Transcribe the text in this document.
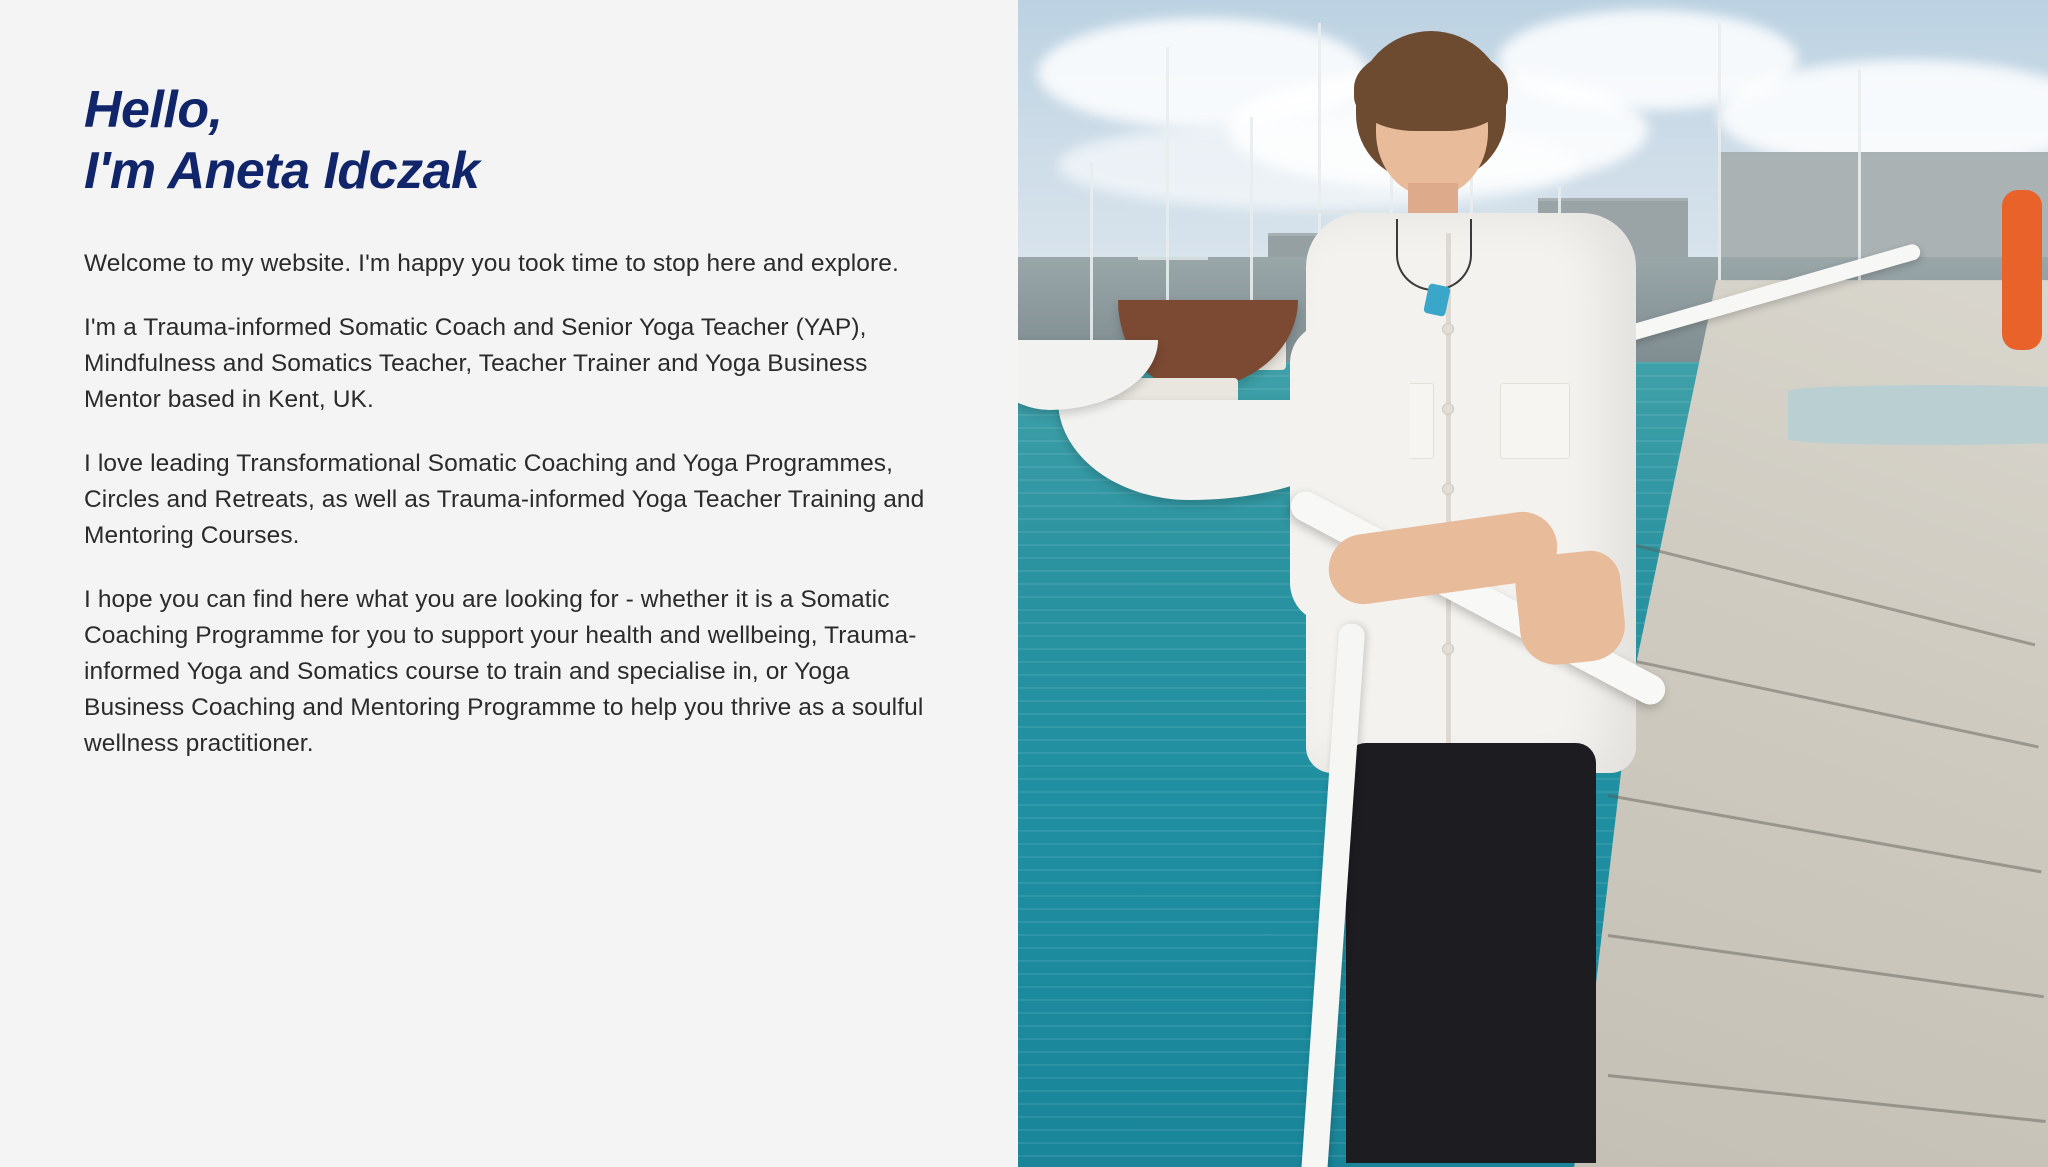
Hello,
I'm Aneta Idczak

Welcome to my website. I'm happy you took time to stop here and explore.

I'm a Trauma-informed Somatic Coach and Senior Yoga Teacher (YAP), Mindfulness and Somatics Teacher, Teacher Trainer and Yoga Business Mentor based in Kent, UK.

I love leading Transformational Somatic Coaching and Yoga Programmes, Circles and Retreats, as well as Trauma-informed Yoga Teacher Training and Mentoring Courses.

I hope you can find here what you are looking for - whether it is a Somatic Coaching Programme for you to support your health and wellbeing, Trauma-informed Yoga and Somatics course to train and specialise in, or Yoga Business Coaching and Mentoring Programme to help you thrive as a soulful wellness practitioner.
